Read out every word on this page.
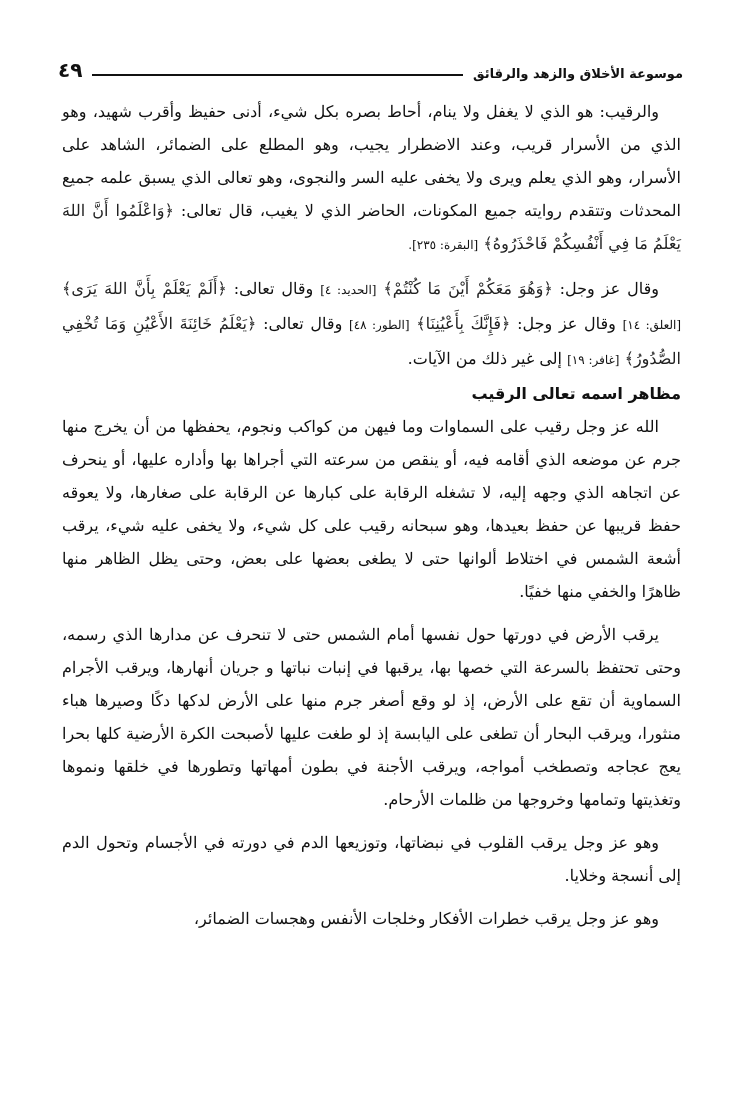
موسوعة الأخلاق والزهد والرقائق
٤٩

والرقيب: هو الذي لا يغفل ولا ينام، أحاط بصره بكل شيء، أدنى حفيظ وأقرب شهيد، وهو الذي من الأسرار قريب، وعند الاضطرار يجيب، وهو المطلع على الضمائر، الشاهد على الأسرار، وهو الذي يعلم ويرى ولا يخفى عليه السر والنجوى، وهو تعالى الذي يسبق علمه جميع المحدثات وتتقدم روايته جميع المكونات، الحاضر الذي لا يغيب، قال تعالى: ﴿وَاعْلَمُوا أَنَّ اللهَ يَعْلَمُ مَا فِي أَنْفُسِكُمْ فَاحْذَرُوهُ﴾ [البقرة: ٢٣٥].

وقال عز وجل: ﴿وَهُوَ مَعَكُمْ أَيْنَ مَا كُنْتُمْ﴾ [الحديد: ٤] وقال تعالى: ﴿أَلَمْ يَعْلَمْ بِأَنَّ اللهَ يَرَى﴾ [العلق: ١٤] وقال عز وجل: ﴿فَإِنَّكَ بِأَعْيُنِنَا﴾ [الطور: ٤٨] وقال تعالى: ﴿يَعْلَمُ خَائِنَةَ الأَعْيُنِ وَمَا تُخْفِي الصُّدُورُ﴾ [غافر: ١٩] إلى غير ذلك من الآيات.

مظاهر اسمه تعالى الرقيب

الله عز وجل رقيب على السماوات وما فيهن من كواكب ونجوم، يحفظها من أن يخرج منها جرم عن موضعه الذي أقامه فيه، أو ينقص من سرعته التي أجراها بها وأداره عليها، أو ينحرف عن اتجاهه الذي وجهه إليه، لا تشغله الرقابة على كبارها عن الرقابة على صغارها، ولا يعوقه حفظ قريبها عن حفظ بعيدها، وهو سبحانه رقيب على كل شيء، ولا يخفى عليه شيء، يرقب أشعة الشمس في اختلاط ألوانها حتى لا يطغى بعضها على بعض، وحتى يظل الظاهر منها ظاهرًا والخفي منها خفيًا.

يرقب الأرض في دورتها حول نفسها أمام الشمس حتى لا تنحرف عن مدارها الذي رسمه، وحتى تحتفظ بالسرعة التي خصها بها، يرقبها في إنبات نباتها و جريان أنهارها، ويرقب الأجرام السماوية أن تقع على الأرض، إذ لو وقع أصغر جرم منها على الأرض لدكها دكًا وصيرها هباء منثورا، ويرقب البحار أن تطغى على اليابسة إذ لو طغت عليها لأصبحت الكرة الأرضية كلها بحرا يعج عجاجه وتصطخب أمواجه، ويرقب الأجنة في بطون أمهاتها وتطورها في خلقها ونموها وتغذيتها وتمامها وخروجها من ظلمات الأرحام.

وهو عز وجل يرقب القلوب في نبضاتها، وتوزيعها الدم في دورته في الأجسام وتحول الدم إلى أنسجة وخلايا.

وهو عز وجل يرقب خطرات الأفكار وخلجات الأنفس وهجسات الضمائر،
